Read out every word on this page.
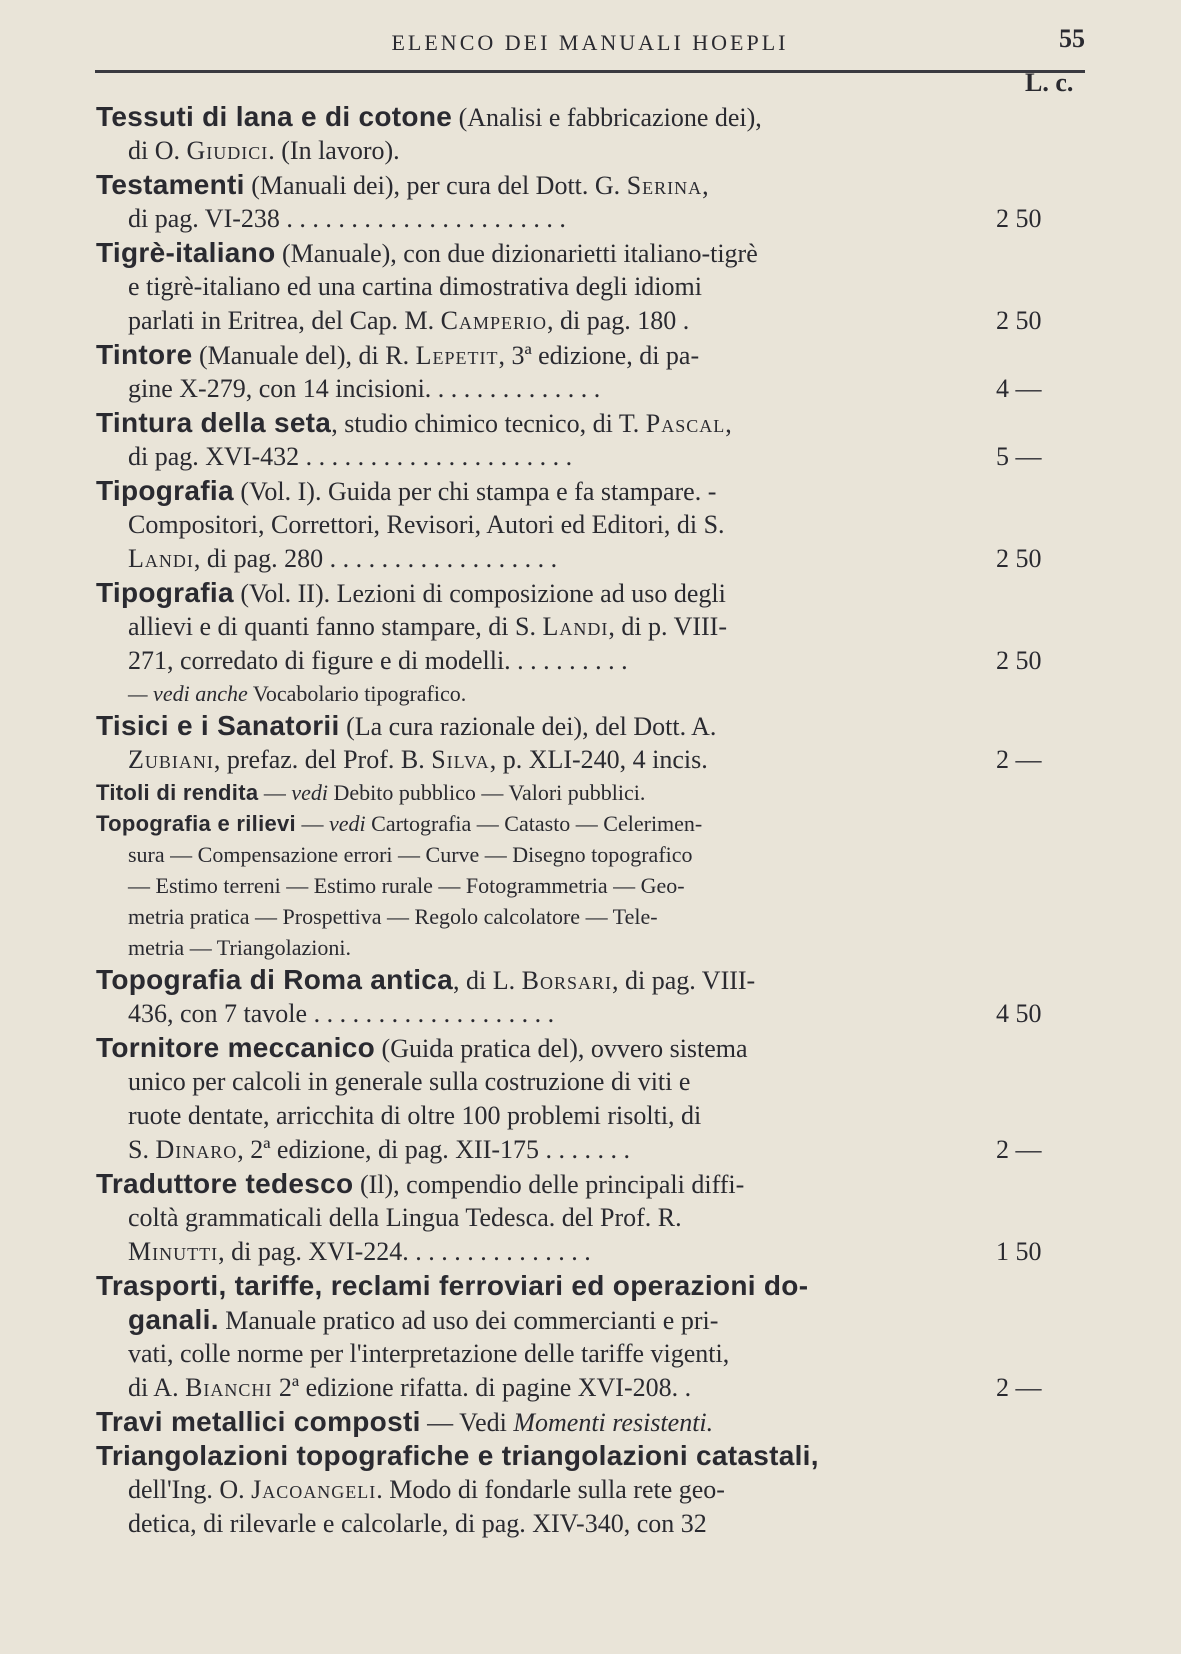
ELENCO DEI MANUALI HOEPLI	55
L. c.
Tessuti di lana e di cotone (Analisi e fabbricazione dei),
di O. Giudici. (In lavoro).
Testamenti (Manuali dei), per cura del Dott. G. Serina,
di pag. VI-238 . . . . . . . . . . . . . . . . . . . . . .	2 50
Tigrè-italiano (Manuale), con due dizionarietti italiano-tigrè
e tigrè-italiano ed una cartina dimostrativa degli idiomi
parlati in Eritrea, del Cap. M. Camperio, di pag. 180 .	2 50
Tintore (Manuale del), di R. Lepetit, 3ª edizione, di pa-
gine X-279, con 14 incisioni. . . . . . . . . . . . . .	4 —
Tintura della seta, studio chimico tecnico, di T. Pascal,
di pag. XVI-432 . . . . . . . . . . . . . . . . . . . . .	5 —
Tipografia (Vol. I). Guida per chi stampa e fa stampare. -
Compositori, Correttori, Revisori, Autori ed Editori, di S.
Landi, di pag. 280 . . . . . . . . . . . . . . . . . .	2 50
Tipografia (Vol. II). Lezioni di composizione ad uso degli
allievi e di quanti fanno stampare, di S. Landi, di p. VIII-
271, corredato di figure e di modelli. . . . . . . . . .	2 50
— vedi anche Vocabolario tipografico.
Tisici e i Sanatorii (La cura razionale dei), del Dott. A.
Zubiani, prefaz. del Prof. B. Silva, p. XLI-240, 4 incis.	2 —
Titoli di rendita — vedi Debito pubblico — Valori pubblici.
Topografia e rilievi — vedi Cartografia — Catasto — Celerimen-
sura — Compensazione errori — Curve — Disegno topografico
— Estimo terreni — Estimo rurale — Fotogrammetria — Geo-
metria pratica — Prospettiva — Regolo calcolatore — Tele-
metria — Triangolazioni.
Topografia di Roma antica, di L. Borsari, di pag. VIII-
436, con 7 tavole . . . . . . . . . . . . . . . . . . .	4 50
Tornitore meccanico (Guida pratica del), ovvero sistema
unico per calcoli in generale sulla costruzione di viti e
ruote dentate, arricchita di oltre 100 problemi risolti, di
S. Dinaro, 2ª edizione, di pag. XII-175 . . . . . . .	2 —
Traduttore tedesco (Il), compendio delle principali diffi-
coltà grammaticali della Lingua Tedesca. del Prof. R.
Minutti, di pag. XVI-224. . . . . . . . . . . . . . .	1 50
Trasporti, tariffe, reclami ferroviari ed operazioni do-
ganali. Manuale pratico ad uso dei commercianti e pri-
vati, colle norme per l'interpretazione delle tariffe vigenti,
di A. Bianchi 2ª edizione rifatta. di pagine XVI-208. .	2 —
Travi metallici composti — Vedi Momenti resistenti.
Triangolazioni topografiche e triangolazioni catastali,
dell'Ing. O. Jacoangeli. Modo di fondarle sulla rete geo-
detica, di rilevarle e calcolarle, di pag. XIV-340, con 32
